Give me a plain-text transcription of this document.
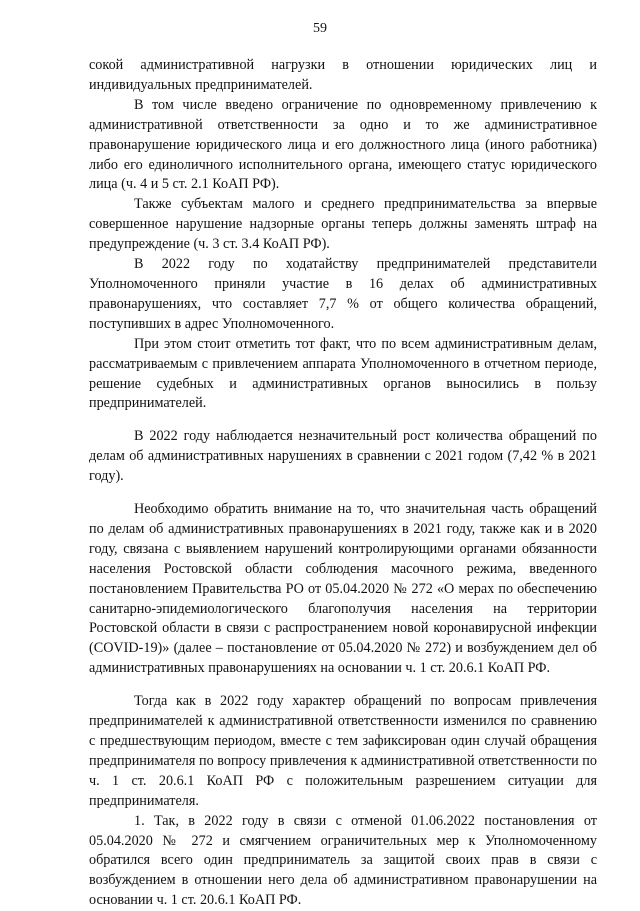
59

сокой административной нагрузки в отношении юридических лиц и индивидуальных предпринимателей.

В том числе введено ограничение по одновременному привлечению к административной ответственности за одно и то же административное правонарушение юридического лица и его должностного лица (иного работника) либо его единоличного исполнительного органа, имеющего статус юридического лица (ч. 4 и 5 ст. 2.1 КоАП РФ).

Также субъектам малого и среднего предпринимательства за впервые совершенное нарушение надзорные органы теперь должны заменять штраф на предупреждение (ч. 3 ст. 3.4 КоАП РФ).

В 2022 году по ходатайству предпринимателей представители Уполномоченного приняли участие в 16 делах об административных правонарушениях, что составляет 7,7 % от общего количества обращений, поступивших в адрес Уполномоченного.

При этом стоит отметить тот факт, что по всем административным делам, рассматриваемым с привлечением аппарата Уполномоченного в отчетном периоде, решение судебных и административных органов выносились в пользу предпринимателей.

В 2022 году наблюдается незначительный рост количества обращений по делам об административных нарушениях в сравнении с 2021 годом (7,42 % в 2021 году).

Необходимо обратить внимание на то, что значительная часть обращений по делам об административных правонарушениях в 2021 году, также как и в 2020 году, связана с выявлением нарушений контролирующими органами обязанности населения Ростовской области соблюдения масочного режима, введенного постановлением Правительства РО от 05.04.2020 № 272 «О мерах по обеспечению санитарно-эпидемиологического благополучия населения на территории Ростовской области в связи с распространением новой коронавирусной инфекции (COVID-19)» (далее – постановление от 05.04.2020 № 272) и возбуждением дел об административных правонарушениях на основании ч. 1 ст. 20.6.1 КоАП РФ.

Тогда как в 2022 году характер обращений по вопросам привлечения предпринимателей к административной ответственности изменился по сравнению с предшествующим периодом, вместе с тем зафиксирован один случай обращения предпринимателя по вопросу привлечения к административной ответственности по ч. 1 ст. 20.6.1 КоАП РФ с положительным разрешением ситуации для предпринимателя.

1. Так, в 2022 году в связи с отменой 01.06.2022 постановления от 05.04.2020 № 272 и смягчением ограничительных мер к Уполномоченному обратился всего один предприниматель за защитой своих прав в связи с возбуждением в отношении него дела об административном правонарушении на основании ч. 1 ст. 20.6.1 КоАП РФ.
